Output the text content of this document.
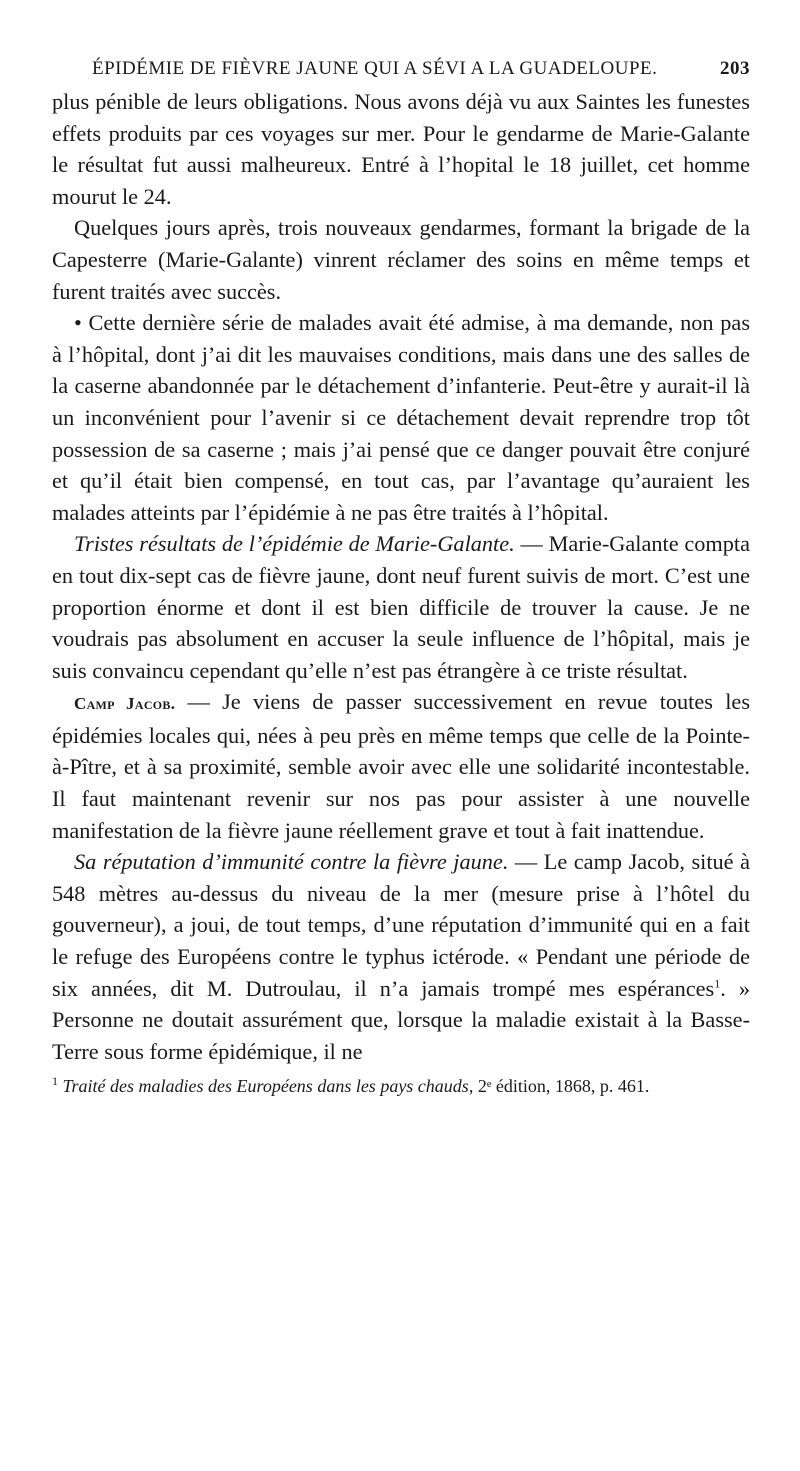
ÉPIDÉMIE DE FIÈVRE JAUNE QUI A SÉVI A LA GUADELOUPE.	203

plus pénible de leurs obligations. Nous avons déjà vu aux Saintes les funestes effets produits par ces voyages sur mer. Pour le gendarme de Marie-Galante le résultat fut aussi malheureux. Entré à l’hopital le 18 juillet, cet homme mourut le 24.

Quelques jours après, trois nouveaux gendarmes, formant la brigade de la Capesterre (Marie-Galante) vinrent réclamer des soins en même temps et furent traités avec succès.

• Cette dernière série de malades avait été admise, à ma demande, non pas à l’hôpital, dont j’ai dit les mauvaises conditions, mais dans une des salles de la caserne abandonnée par le détachement d’infanterie. Peut-être y aurait-il là un inconvénient pour l’avenir si ce détachement devait reprendre trop tôt possession de sa caserne ; mais j’ai pensé que ce danger pouvait être conjuré et qu’il était bien compensé, en tout cas, par l’avantage qu’auraient les malades atteints par l’épidémie à ne pas être traités à l’hôpital.

Tristes résultats de l’épidémie de Marie-Galante. — Marie-Galante compta en tout dix-sept cas de fièvre jaune, dont neuf furent suivis de mort. C’est une proportion énorme et dont il est bien difficile de trouver la cause. Je ne voudrais pas absolument en accuser la seule influence de l’hôpital, mais je suis convaincu cependant qu’elle n’est pas étrangère à ce triste résultat.

Camp Jacob. — Je viens de passer successivement en revue toutes les épidémies locales qui, nées à peu près en même temps que celle de la Pointe-à-Pître, et à sa proximité, semble avoir avec elle une solidarité incontestable. Il faut maintenant revenir sur nos pas pour assister à une nouvelle manifestation de la fièvre jaune réellement grave et tout à fait inattendue.

Sa réputation d’immunité contre la fièvre jaune. — Le camp Jacob, situé à 548 mètres au-dessus du niveau de la mer (mesure prise à l’hôtel du gouverneur), a joui, de tout temps, d’une réputation d’immunité qui en a fait le refuge des Européens contre le typhus ictérode. « Pendant une période de six années, dit M. Dutroulau, il n’a jamais trompé mes espérances$^1$. » Personne ne doutait assurément que, lorsque la maladie existait à la Basse-Terre sous forme épidémique, il ne

$^1$ Traité des maladies des Européens dans les pays chauds, 2ᵉ édition, 1868, p. 461.
